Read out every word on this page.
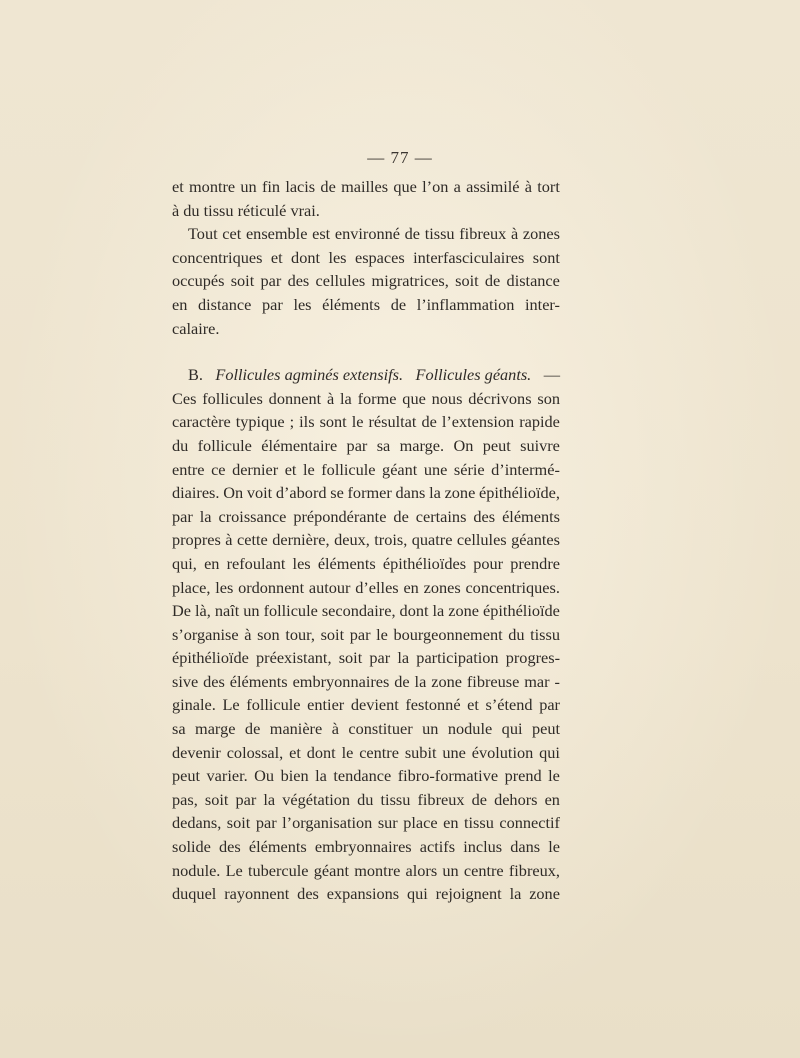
— 77 —
et montre un fin lacis de mailles que l’on a assimilé à tort
à du tissu réticulé vrai.
Tout cet ensemble est environné de tissu fibreux à zones
concentriques et dont les espaces interfasciculaires sont
occupés soit par des cellules migratrices, soit de distance
en distance par les éléments de l’inflammation inter-
calaire.
B. Follicules agminés extensifs. Follicules géants. —
Ces follicules donnent à la forme que nous décrivons son
caractère typique ; ils sont le résultat de l’extension rapide
du follicule élémentaire par sa marge. On peut suivre
entre ce dernier et le follicule géant une série d’intermé-
diaires. On voit d’abord se former dans la zone épithélioïde,
par la croissance prépondérante de certains des éléments
propres à cette dernière, deux, trois, quatre cellules géantes
qui, en refoulant les éléments épithélioïdes pour prendre
place, les ordonnent autour d’elles en zones concentriques.
De là, naît un follicule secondaire, dont la zone épithélioïde
s’organise à son tour, soit par le bourgeonnement du tissu
épithélioïde préexistant, soit par la participation progres-
sive des éléments embryonnaires de la zone fibreuse mar -
ginale. Le follicule entier devient festonné et s’étend par
sa marge de manière à constituer un nodule qui peut
devenir colossal, et dont le centre subit une évolution qui
peut varier. Ou bien la tendance fibro-formative prend le
pas, soit par la végétation du tissu fibreux de dehors en
dedans, soit par l’organisation sur place en tissu connectif
solide des éléments embryonnaires actifs inclus dans le
nodule. Le tubercule géant montre alors un centre fibreux,
duquel rayonnent des expansions qui rejoignent la zone
